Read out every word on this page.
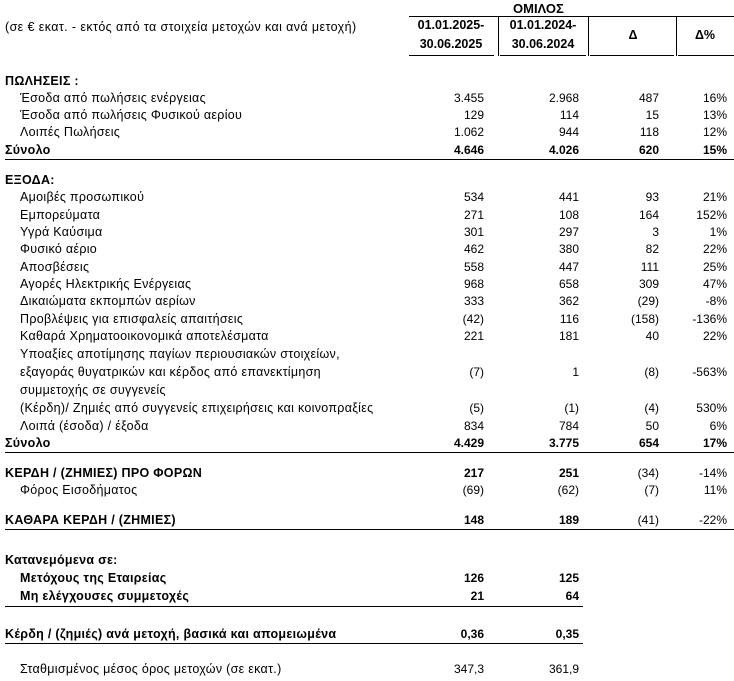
(σε € εκατ. - εκτός από τα στοιχεία μετοχών και ανά μετοχή)
ΟΜΙΛΟΣ
01.01.2025-
30.06.2025
01.01.2024-
30.06.2024
Δ	Δ%
ΠΩΛΗΣΕΙΣ :
Έσοδα από πωλήσεις ενέργειας	3.455	2.968	487	16%
Έσοδα από πωλήσεις Φυσικού αερίου	129	114	15	13%
Λοιπές Πωλήσεις	1.062	944	118	12%
Σύνολο	4.646	4.026	620	15%
ΕΞΟΔΑ:
Αμοιβές προσωπικού	534	441	93	21%
Εμπορεύματα	271	108	164	152%
Υγρά Καύσιμα	301	297	3	1%
Φυσικό αέριο	462	380	82	22%
Αποσβέσεις	558	447	111	25%
Αγορές Ηλεκτρικής Ενέργειας	968	658	309	47%
Δικαιώματα εκπομπών αερίων	333	362	(29)	-8%
Προβλέψεις για επισφαλείς απαιτήσεις	(42)	116	(158)	-136%
Καθαρά Χρηματοοικονομικά αποτελέσματα	221	181	40	22%
Υποαξίες αποτίμησης παγίων περιουσιακών στοιχείων,
εξαγοράς θυγατρικών και κέρδος από επανεκτίμηση	(7)	1	(8)	-563%
συμμετοχής σε συγγενείς
(Κέρδη)/ Ζημιές από συγγενείς επιχειρήσεις και κοινοπραξίες	(5)	(1)	(4)	530%
Λοιπά (έσοδα) / έξοδα	834	784	50	6%
Σύνολο	4.429	3.775	654	17%
ΚΕΡΔΗ / (ΖΗΜΙΕΣ) ΠΡΟ ΦΟΡΩΝ	217	251	(34)	-14%
Φόρος Εισοδήματος	(69)	(62)	(7)	11%
ΚΑΘΑΡΑ ΚΕΡΔΗ / (ΖΗΜΙΕΣ)	148	189	(41)	-22%
Κατανεμόμενα σε:
Μετόχους της Εταιρείας	126	125
Μη ελέγχουσες συμμετοχές	21	64
Κέρδη / (ζημιές) ανά μετοχή, βασικά και απομειωμένα	0,36	0,35
Σταθμισμένος μέσος όρος μετοχών (σε εκατ.)	347,3	361,9
